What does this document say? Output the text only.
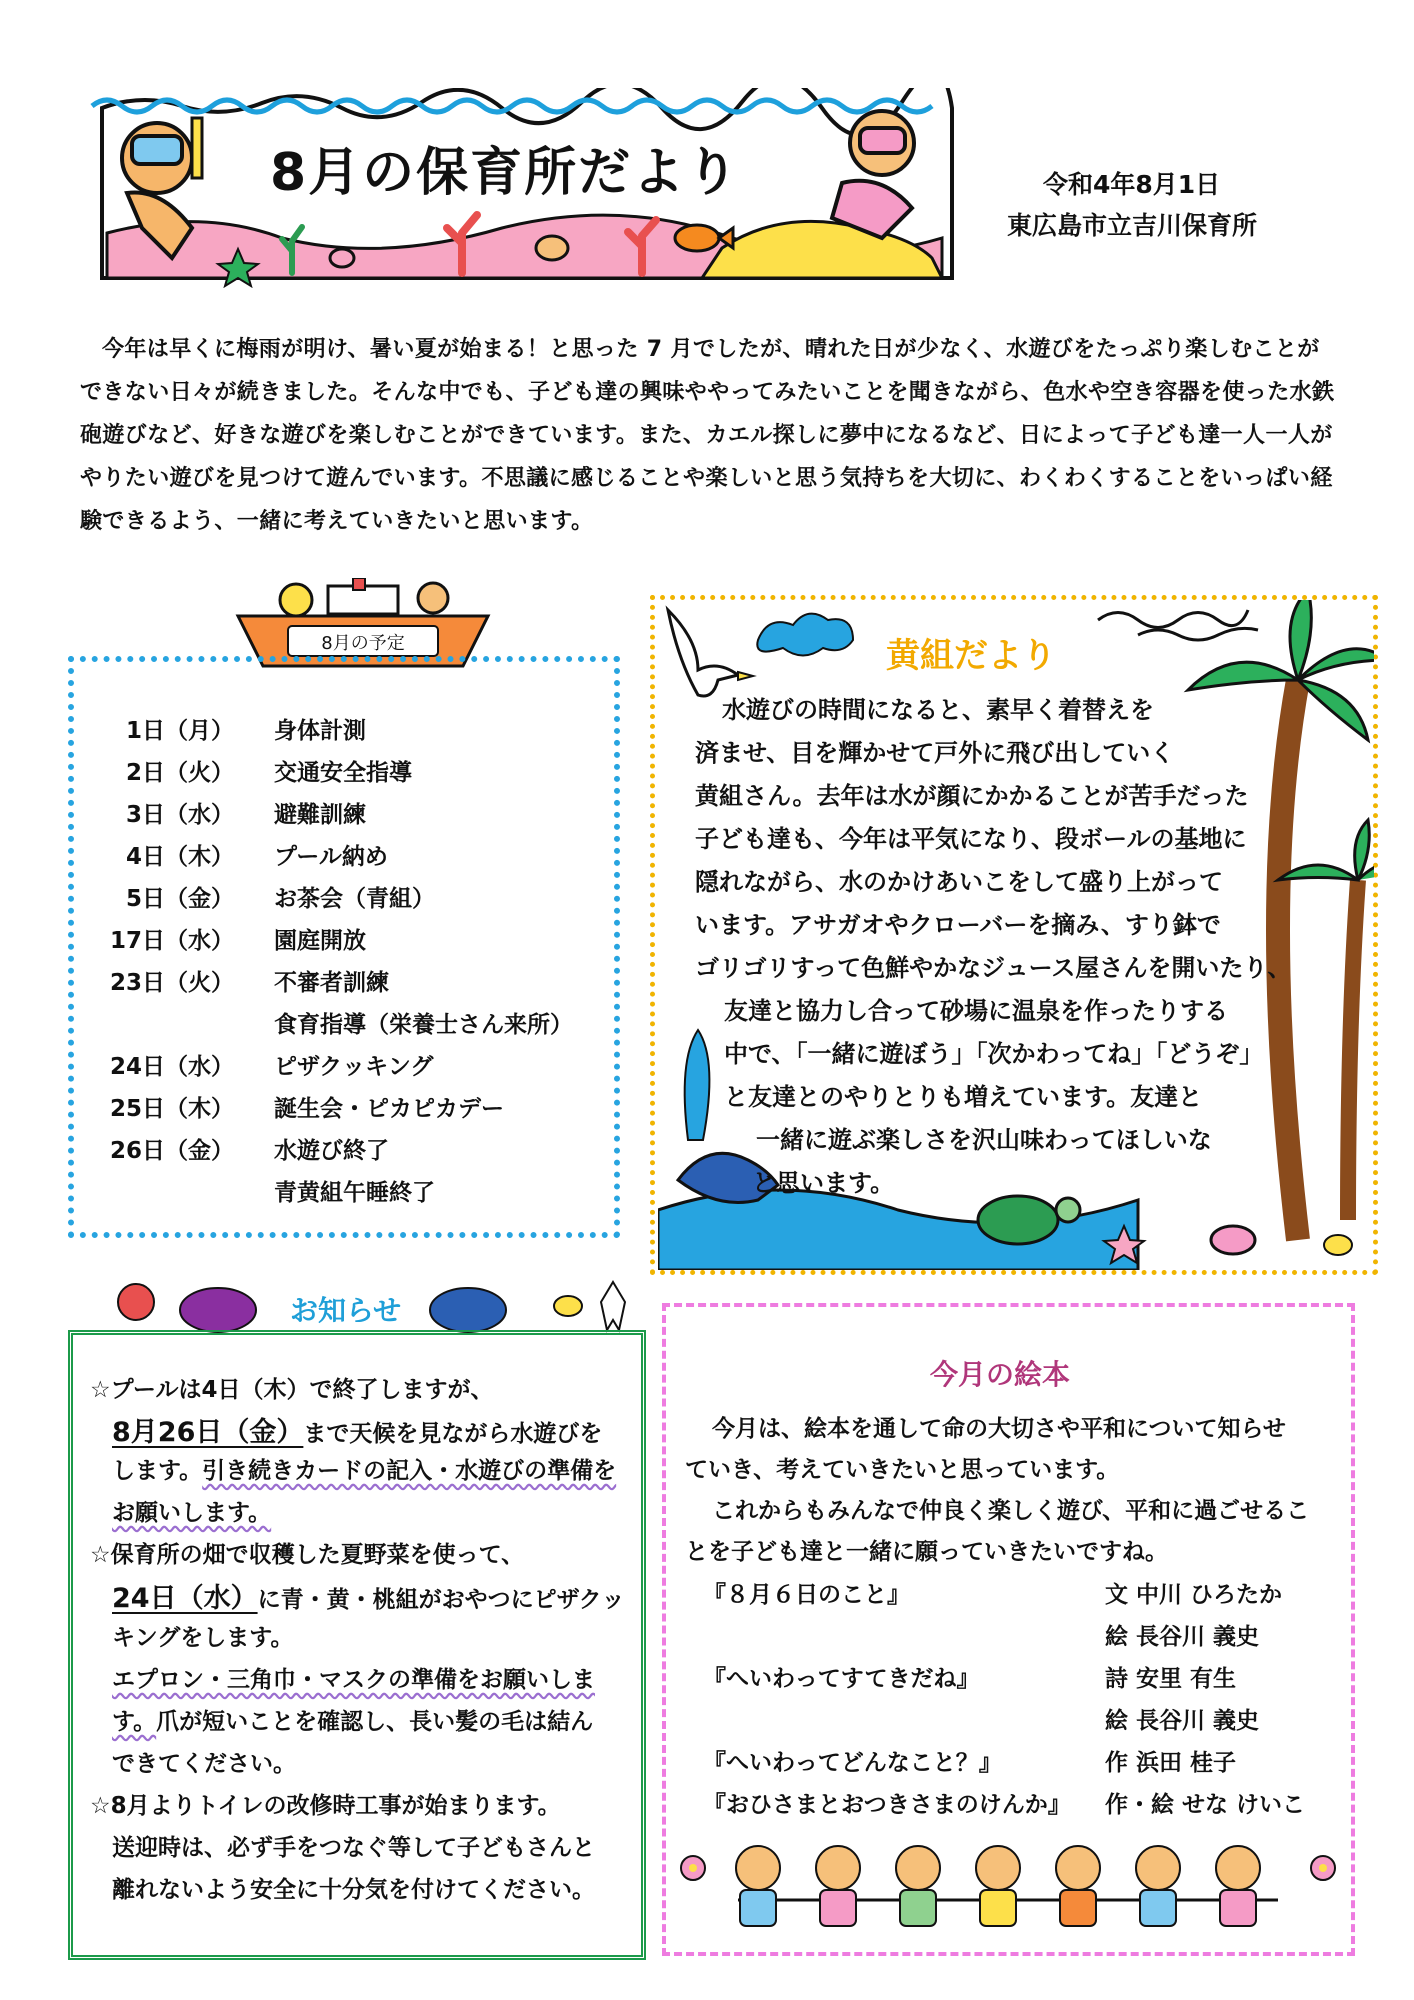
8月の保育所だより	令和4年8月1日
東広島市立吉川保育所
今年は早くに梅雨が明け、暑い夏が始まる！と思った 7 月でしたが、晴れた日が少なく、水遊びをたっぷり楽しむことができない日々が続きました。そんな中でも、子ども達の興味ややってみたいことを聞きながら、色水や空き容器を使った水鉄砲遊びなど、好きな遊びを楽しむことができています。また、カエル探しに夢中になるなど、日によって子ども達一人一人がやりたい遊びを見つけて遊んでいます。不思議に感じることや楽しいと思う気持ちを大切に、わくわくすることをいっぱい経験できるよう、一緒に考えていきたいと思います。
8月の予定
1日（月） 身体計測
2日（火） 交通安全指導
3日（水） 避難訓練
4日（木） プール納め
5日（金） お茶会（青組）
17日（水） 園庭開放
23日（火） 不審者訓練
食育指導（栄養士さん来所）
24日（水） ピザクッキング
25日（木） 誕生会・ピカピカデー
26日（金） 水遊び終了
青黄組午睡終了
黄組だより
水遊びの時間になると、素早く着替えを
済ませ、目を輝かせて戸外に飛び出していく
黄組さん。去年は水が顔にかかることが苦手だった
子ども達も、今年は平気になり、段ボールの基地に
隠れながら、水のかけあいこをして盛り上がって
います。アサガオやクローバーを摘み、すり鉢で
ゴリゴリすって色鮮やかなジュース屋さんを開いたり、
友達と協力し合って砂場に温泉を作ったりする
中で、「一緒に遊ぼう」「次かわってね」「どうぞ」
と友達とのやりとりも増えています。友達と
一緒に遊ぶ楽しさを沢山味わってほしいな
と思います。
お知らせ
☆プールは4日（木）で終了しますが、
8月26日（金）まで天候を見ながら水遊びを
します。引き続きカードの記入・水遊びの準備を
お願いします。
☆保育所の畑で収穫した夏野菜を使って、
24日（水）に青・黄・桃組がおやつにピザクッ
キングをします。
エプロン・三角巾・マスクの準備をお願いしま
す。爪が短いことを確認し、長い髪の毛は結ん
できてください。
☆8月よりトイレの改修時工事が始まります。
送迎時は、必ず手をつなぐ等して子どもさんと
離れないよう安全に十分気を付けてください。
今月の絵本
今月は、絵本を通して命の大切さや平和について知らせ
ていき、考えていきたいと思っています。
これからもみんなで仲良く楽しく遊び、平和に過ごせるこ
とを子ども達と一緒に願っていきたいですね。
『８月６日のこと』	文 中川 ひろたか
絵 長谷川 義史
『へいわってすてきだね』	詩 安里 有生
絵 長谷川 義史
『へいわってどんなこと？』	作 浜田 桂子
『おひさまとおつきさまのけんか』 作・絵 せな けいこ
